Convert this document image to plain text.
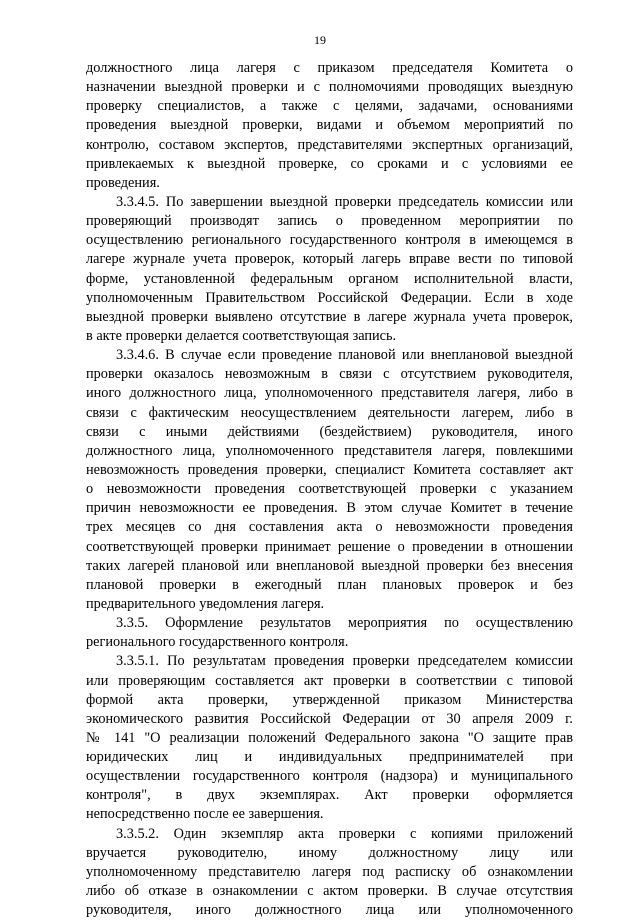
19
должностного лица лагеря с приказом председателя Комитета о
назначении выездной проверки и с полномочиями проводящих выездную
проверку специалистов, а также с целями, задачами, основаниями
проведения выездной проверки, видами и объемом мероприятий по
контролю, составом экспертов, представителями экспертных организаций,
привлекаемых к выездной проверке, со сроками и с условиями ее
проведения.
3.3.4.5. По завершении выездной проверки председатель комиссии или
проверяющий производят запись о проведенном мероприятии по
осуществлению регионального государственного контроля в имеющемся в
лагере журнале учета проверок, который лагерь вправе вести по типовой
форме, установленной федеральным органом исполнительной власти,
уполномоченным Правительством Российской Федерации. Если в ходе
выездной проверки выявлено отсутствие в лагере журнала учета проверок,
в акте проверки делается соответствующая запись.
3.3.4.6. В случае если проведение плановой или внеплановой выездной
проверки оказалось невозможным в связи с отсутствием руководителя,
иного должностного лица, уполномоченного представителя лагеря, либо в
связи с фактическим неосуществлением деятельности лагерем, либо в
связи с иными действиями (бездействием) руководителя, иного
должностного лица, уполномоченного представителя лагеря, повлекшими
невозможность проведения проверки, специалист Комитета составляет акт
о невозможности проведения соответствующей проверки с указанием
причин невозможности ее проведения. В этом случае Комитет в течение
трех месяцев со дня составления акта о невозможности проведения
соответствующей проверки принимает решение о проведении в отношении
таких лагерей плановой или внеплановой выездной проверки без внесения
плановой проверки в ежегодный план плановых проверок и без
предварительного уведомления лагеря.
3.3.5. Оформление результатов мероприятия по осуществлению
регионального государственного контроля.
3.3.5.1. По результатам проведения проверки председателем комиссии
или проверяющим составляется акт проверки в соответствии с типовой
формой акта проверки, утвержденной приказом Министерства
экономического развития Российской Федерации от 30 апреля 2009 г.
№ 141 "О реализации положений Федерального закона "О защите прав
юридических лиц и индивидуальных предпринимателей при
осуществлении государственного контроля (надзора) и муниципального
контроля", в двух экземплярах. Акт проверки оформляется
непосредственно после ее завершения.
3.3.5.2. Один экземпляр акта проверки с копиями приложений
вручается руководителю, иному должностному лицу или
уполномоченному представителю лагеря под расписку об ознакомлении
либо об отказе в ознакомлении с актом проверки. В случае отсутствия
руководителя, иного должностного лица или уполномоченного
